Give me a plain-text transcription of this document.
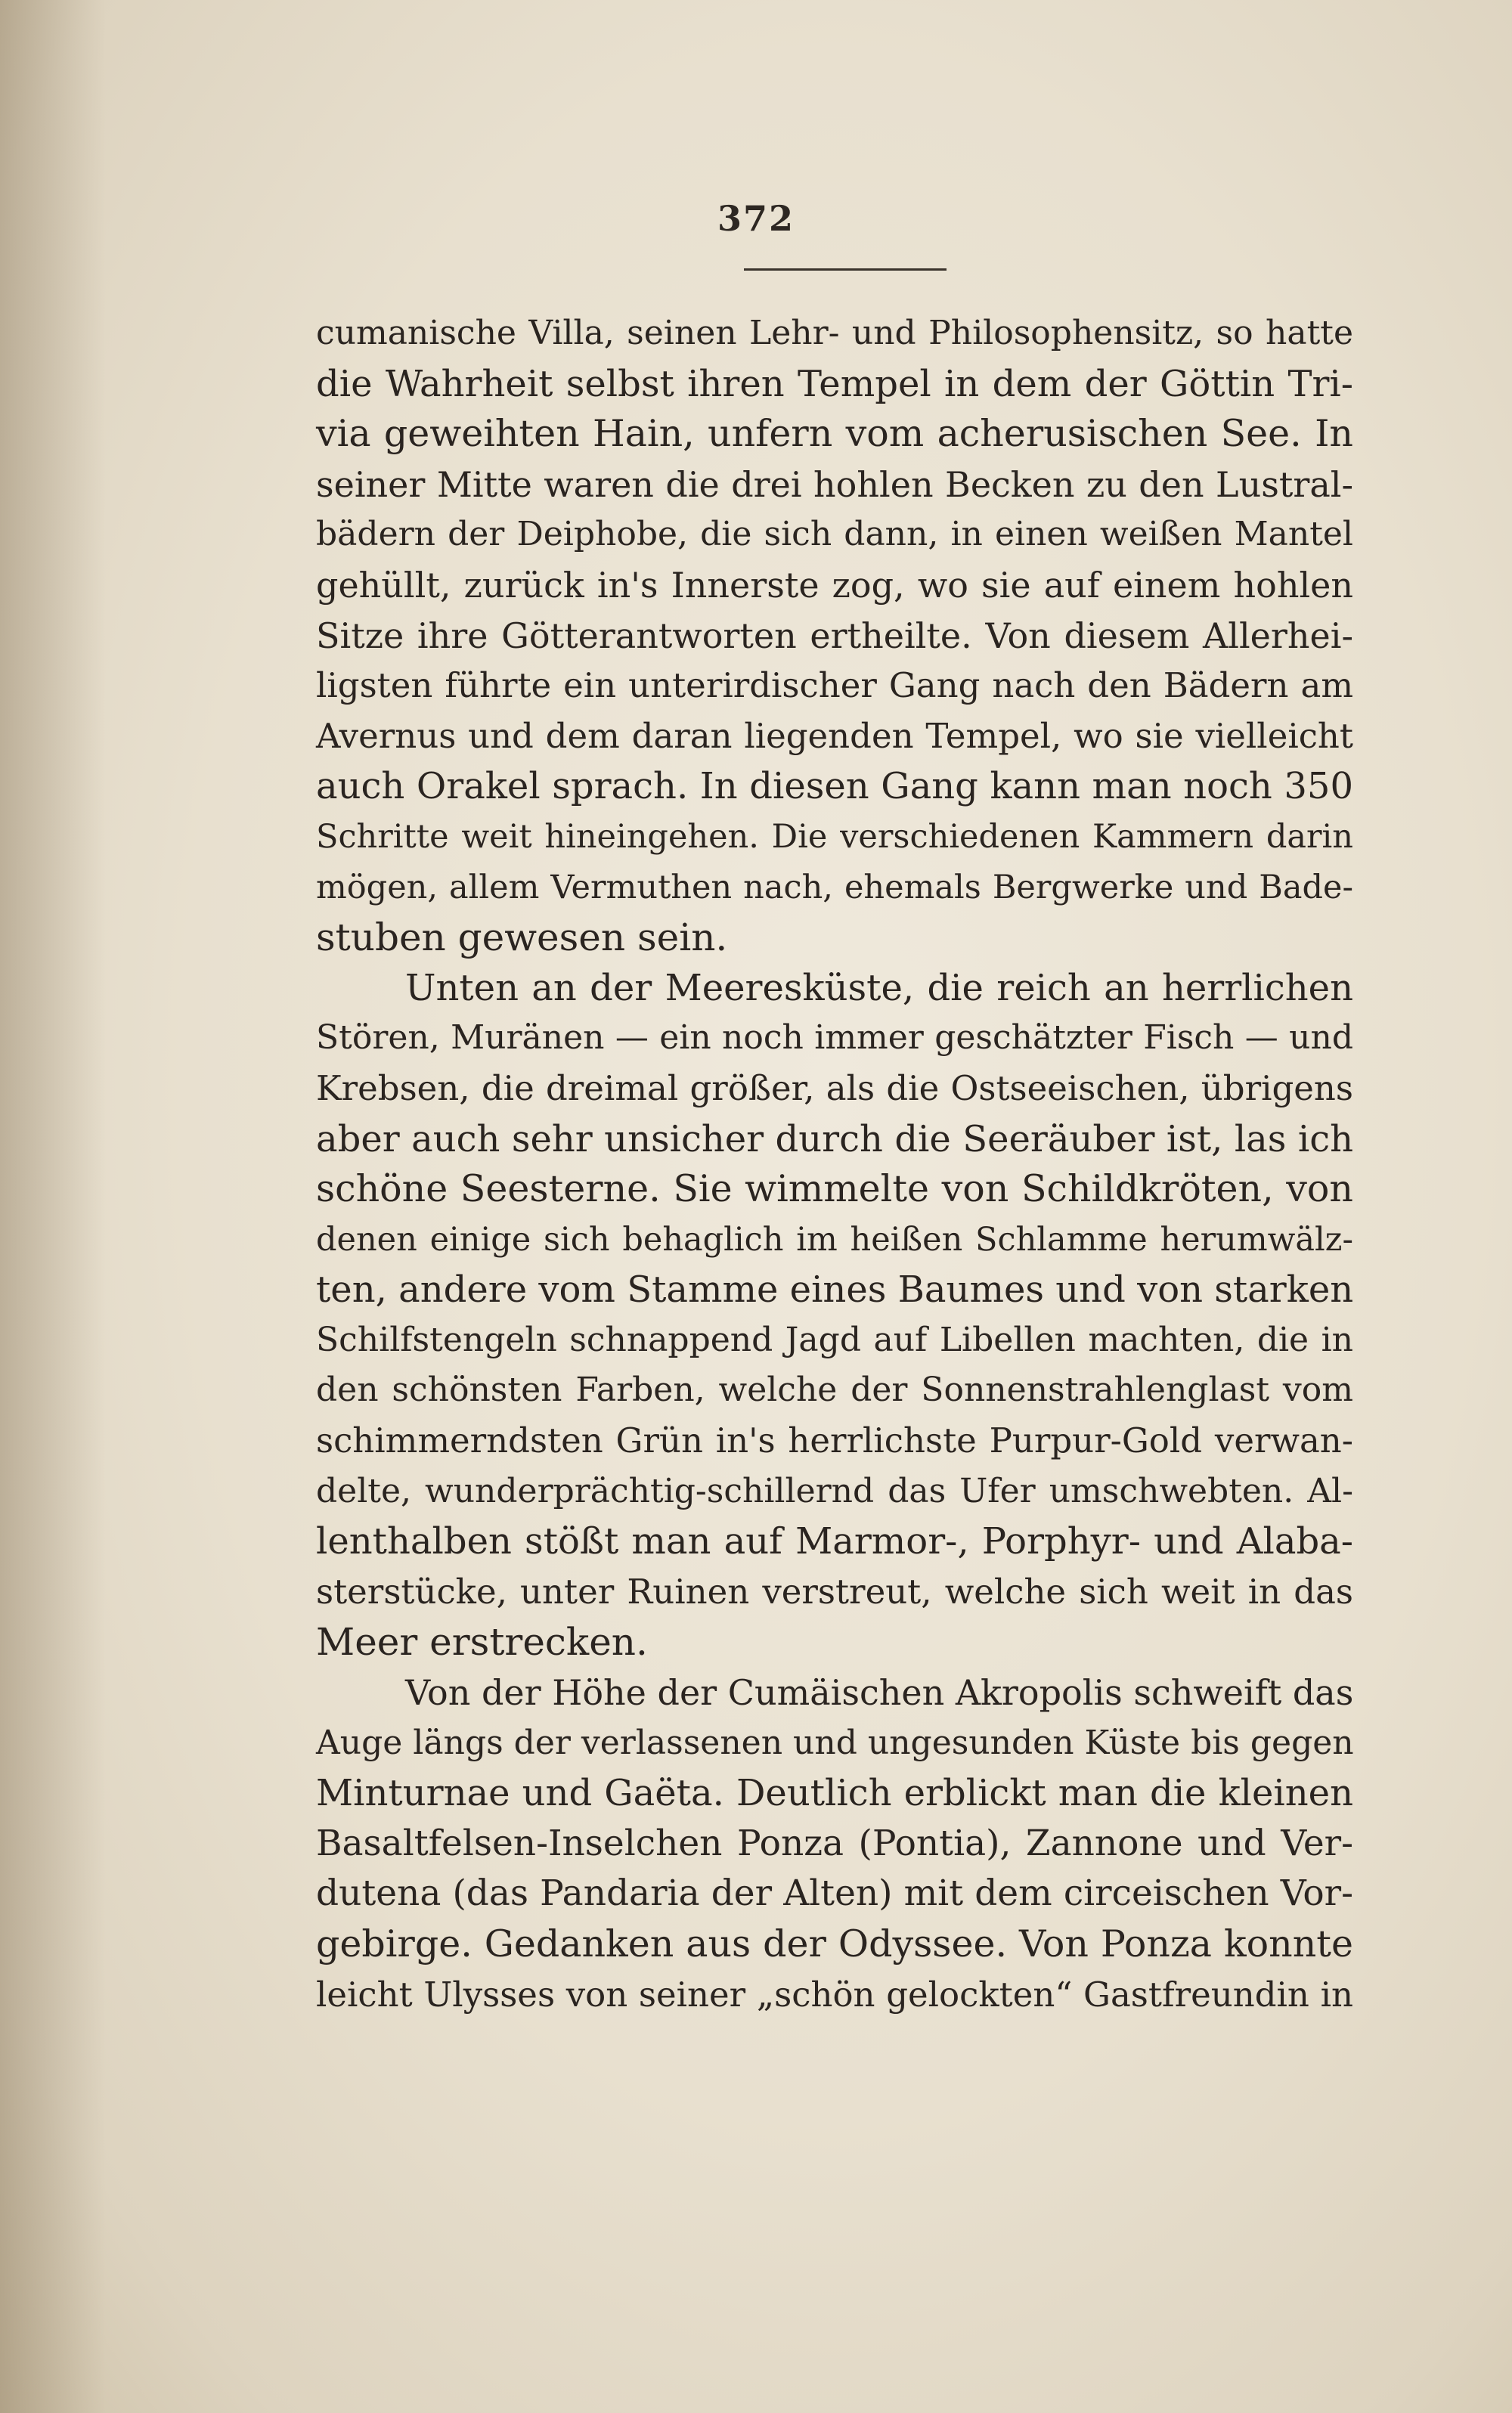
372
cumanische Villa, seinen Lehr- und Philosophensitz, so hatte
die Wahrheit selbst ihren Tempel in dem der Göttin Tri-
via geweihten Hain, unfern vom acherusischen See. In
seiner Mitte waren die drei hohlen Becken zu den Lustral-
bädern der Deiphobe, die sich dann, in einen weißen Mantel
gehüllt, zurück in's Innerste zog, wo sie auf einem hohlen
Sitze ihre Götterantworten ertheilte. Von diesem Allerhei-
ligsten führte ein unterirdischer Gang nach den Bädern am
Avernus und dem daran liegenden Tempel, wo sie vielleicht
auch Orakel sprach. In diesen Gang kann man noch 350
Schritte weit hineingehen. Die verschiedenen Kammern darin
mögen, allem Vermuthen nach, ehemals Bergwerke und Bade-
stuben gewesen sein.
Unten an der Meeresküste, die reich an herrlichen
Stören, Muränen — ein noch immer geschätzter Fisch — und
Krebsen, die dreimal größer, als die Ostseeischen, übrigens
aber auch sehr unsicher durch die Seeräuber ist, las ich
schöne Seesterne. Sie wimmelte von Schildkröten, von
denen einige sich behaglich im heißen Schlamme herumwälz-
ten, andere vom Stamme eines Baumes und von starken
Schilfstengeln schnappend Jagd auf Libellen machten, die in
den schönsten Farben, welche der Sonnenstrahlenglast vom
schimmerndsten Grün in's herrlichste Purpur-Gold verwan-
delte, wunderprächtig-schillernd das Ufer umschwebten. Al-
lenthalben stößt man auf Marmor-, Porphyr- und Alaba-
sterstücke, unter Ruinen verstreut, welche sich weit in das
Meer erstrecken.
Von der Höhe der Cumäischen Akropolis schweift das
Auge längs der verlassenen und ungesunden Küste bis gegen
Minturnae und Gaëta. Deutlich erblickt man die kleinen
Basaltfelsen-Inselchen Ponza (Pontia), Zannone und Ver-
dutena (das Pandaria der Alten) mit dem circeischen Vor-
gebirge. Gedanken aus der Odyssee. Von Ponza konnte
leicht Ulysses von seiner „schön gelockten“ Gastfreundin in
